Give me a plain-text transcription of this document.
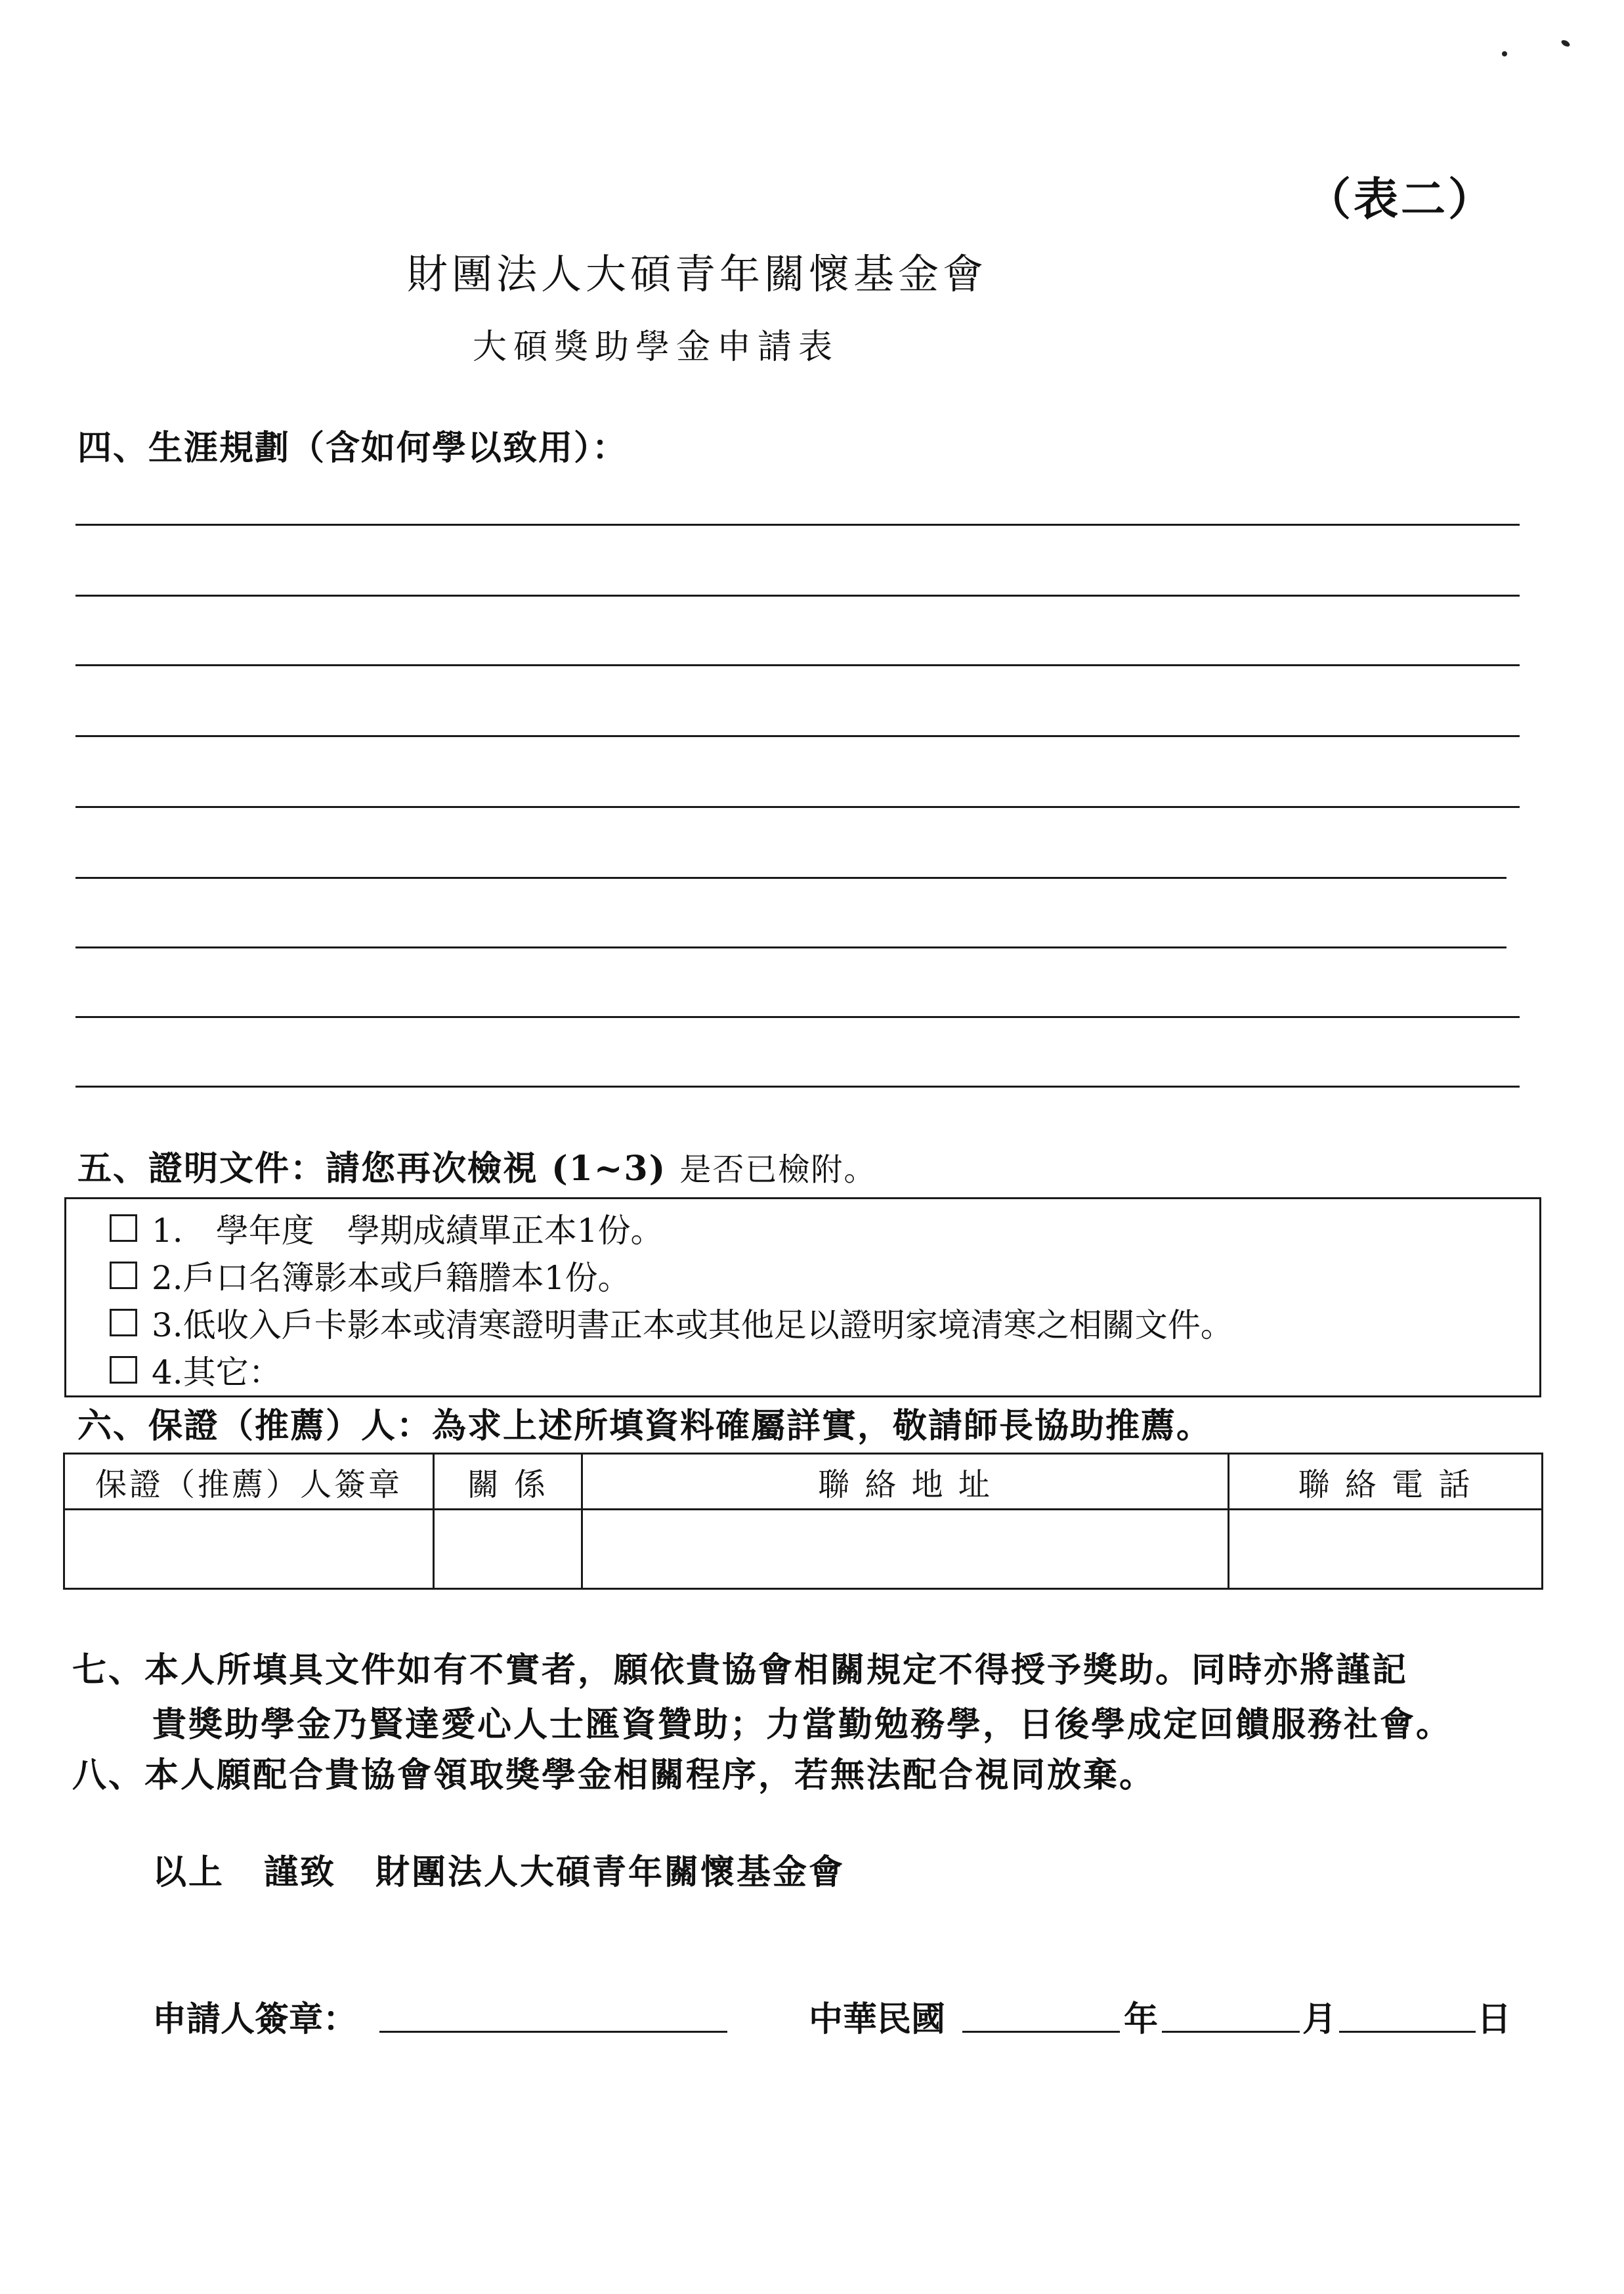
（表二）
財團法人大碩青年關懷基金會
大碩獎助學金申請表
四、生涯規劃（含如何學以致用）：
五、證明文件：請您再次檢視 (1~3) 是否已檢附。
1.　學年度　學期成績單正本1份。
2.戶口名簿影本或戶籍謄本1份。
3.低收入戶卡影本或清寒證明書正本或其他足以證明家境清寒之相關文件。
4.其它：
六、保證（推薦）人：為求上述所填資料確屬詳實，敬請師長協助推薦。
保證（推薦）人簽章	關 係	聯 絡 地 址	聯 絡 電 話

七、本人所填具文件如有不實者，願依貴協會相關規定不得授予獎助。同時亦將謹記
貴獎助學金乃賢達愛心人士匯資贊助；力當勤勉務學，日後學成定回饋服務社會。
八、本人願配合貴協會領取獎學金相關程序，若無法配合視同放棄。
以上 謹致 財團法人大碩青年關懷基金會
申請人簽章：	中華民國	年	月	日
